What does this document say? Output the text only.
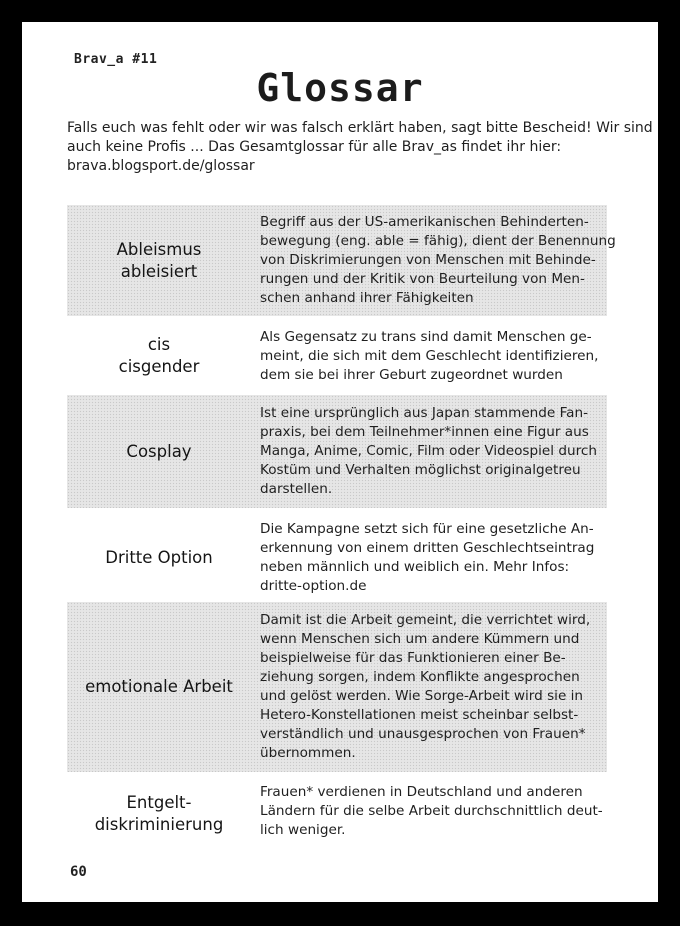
Brav_a #11
Glossar
Falls euch was fehlt oder wir was falsch erklärt haben, sagt bitte Bescheid! Wir sind
auch keine Profis ... Das Gesamtglossar für alle Brav_as findet ihr hier:
brava.blogsport.de/glossar
Ableismus
ableisiert
Begriff aus der US-amerikanischen Behinderten-
bewegung (eng. able = fähig), dient der Benennung
von Diskrimierungen von Menschen mit Behinde-
rungen und der Kritik von Beurteilung von Men-
schen anhand ihrer Fähigkeiten
cis
cisgender
Als Gegensatz zu trans sind damit Menschen ge-
meint, die sich mit dem Geschlecht identifizieren,
dem sie bei ihrer Geburt zugeordnet wurden
Cosplay
Ist eine ursprünglich aus Japan stammende Fan-
praxis, bei dem Teilnehmer*innen eine Figur aus
Manga, Anime, Comic, Film oder Videospiel durch
Kostüm und Verhalten möglichst originalgetreu
darstellen.
Dritte Option
Die Kampagne setzt sich für eine gesetzliche An-
erkennung von einem dritten Geschlechtseintrag
neben männlich und weiblich ein. Mehr Infos:
dritte-option.de
emotionale Arbeit
Damit ist die Arbeit gemeint, die verrichtet wird,
wenn Menschen sich um andere Kümmern und
beispielweise für das Funktionieren einer Be-
ziehung sorgen, indem Konflikte angesprochen
und gelöst werden. Wie Sorge-Arbeit wird sie in
Hetero-Konstellationen meist scheinbar selbst-
verständlich und unausgesprochen von Frauen*
übernommen.
Entgelt-
diskriminierung
Frauen* verdienen in Deutschland und anderen
Ländern für die selbe Arbeit durchschnittlich deut-
lich weniger.
60
